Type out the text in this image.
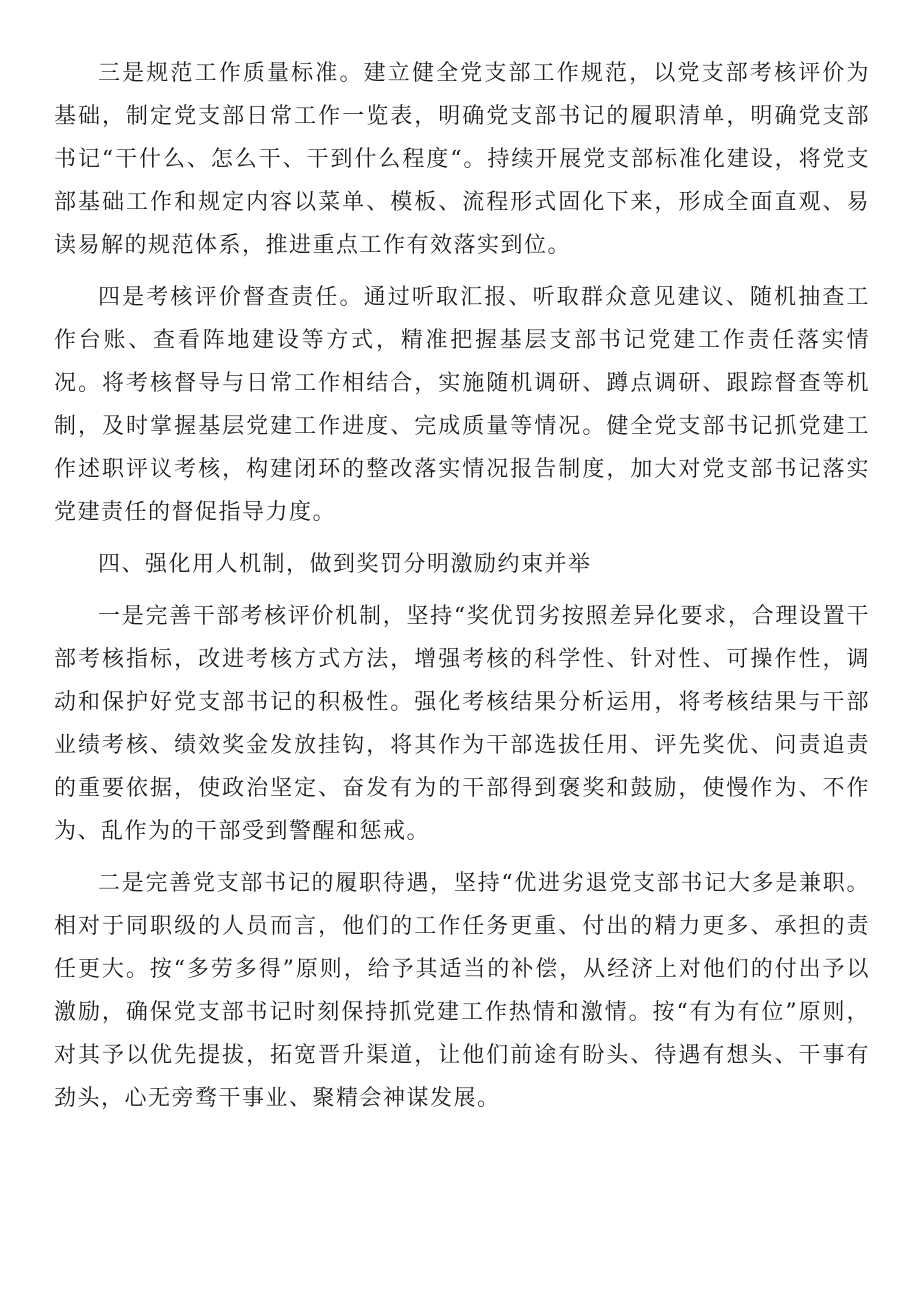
三是规范工作质量标准。建立健全党支部工作规范，以党支部考核评价为基础，制定党支部日常工作一览表，明确党支部书记的履职清单，明确党支部书记“干什么、怎么干、干到什么程度“。持续开展党支部标准化建设，将党支部基础工作和规定内容以菜单、模板、流程形式固化下来，形成全面直观、易读易解的规范体系，推进重点工作有效落实到位。

四是考核评价督查责任。通过听取汇报、听取群众意见建议、随机抽查工作台账、查看阵地建设等方式，精准把握基层支部书记党建工作责任落实情况。将考核督导与日常工作相结合，实施随机调研、蹲点调研、跟踪督查等机制，及时掌握基层党建工作进度、完成质量等情况。健全党支部书记抓党建工作述职评议考核，构建闭环的整改落实情况报告制度，加大对党支部书记落实党建责任的督促指导力度。

四、强化用人机制，做到奖罚分明激励约束并举

一是完善干部考核评价机制，坚持“奖优罚劣按照差异化要求，合理设置干部考核指标，改进考核方式方法，增强考核的科学性、针对性、可操作性，调动和保护好党支部书记的积极性。强化考核结果分析运用，将考核结果与干部业绩考核、绩效奖金发放挂钩，将其作为干部选拔任用、评先奖优、问责追责的重要依据，使政治坚定、奋发有为的干部得到褒奖和鼓励，使慢作为、不作为、乱作为的干部受到警醒和惩戒。

二是完善党支部书记的履职待遇，坚持“优进劣退党支部书记大多是兼职。相对于同职级的人员而言，他们的工作任务更重、付出的精力更多、承担的责任更大。按“多劳多得”原则，给予其适当的补偿，从经济上对他们的付出予以激励，确保党支部书记时刻保持抓党建工作热情和激情。按“有为有位”原则，对其予以优先提拔，拓宽晋升渠道，让他们前途有盼头、待遇有想头、干事有劲头，心无旁骛干事业、聚精会神谋发展。
